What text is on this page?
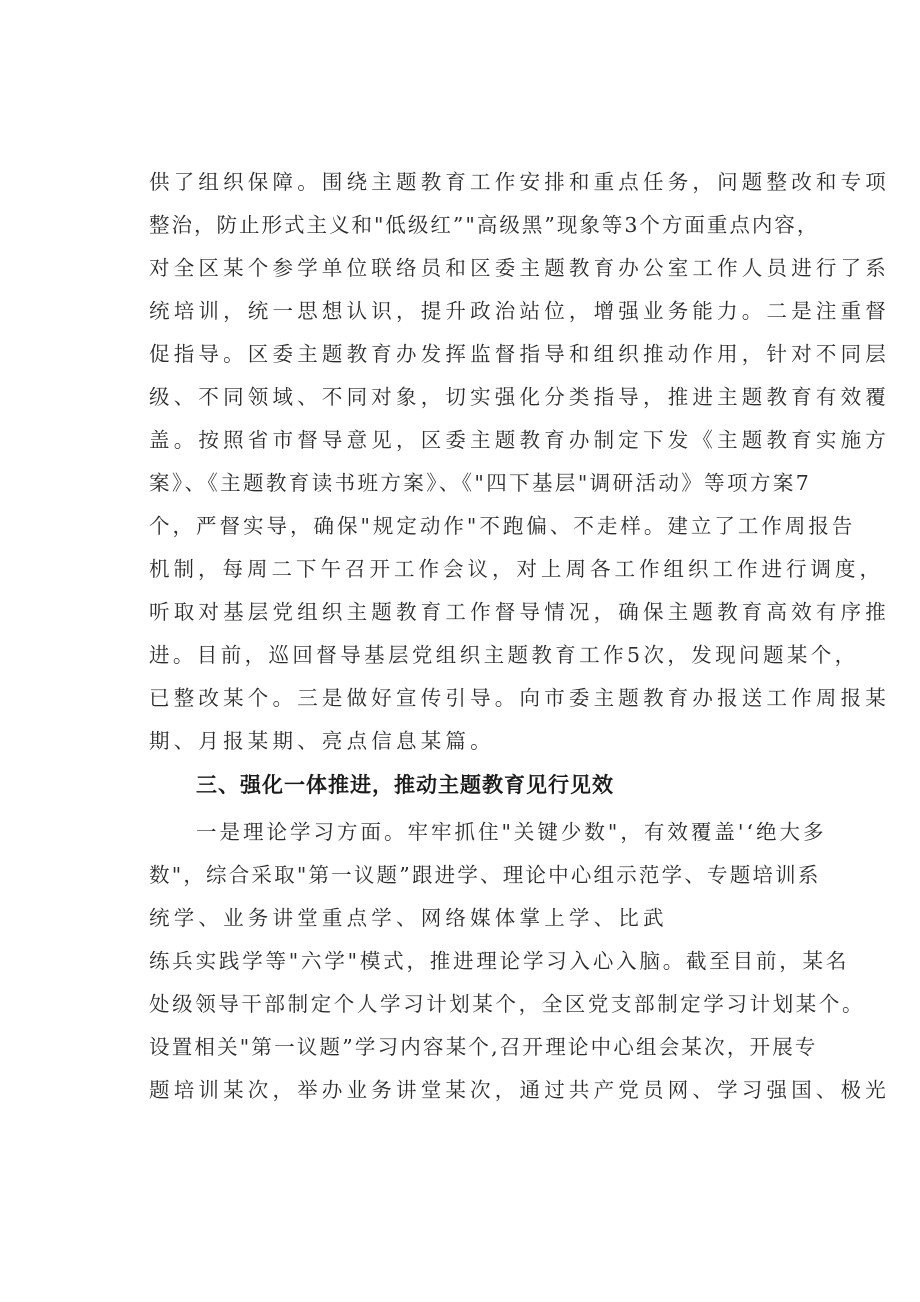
供了组织保障。围绕主题教育工作安排和重点任务，问题整改和专项

整治，防止形式主义和"低级红”"高级黑”现象等3个方面重点内容，

对全区某个参学单位联络员和区委主题教育办公室工作人员进行了系

统培训，统一思想认识，提升政治站位，增强业务能力。二是注重督

促指导。区委主题教育办发挥监督指导和组织推动作用，针对不同层

级、不同领域、不同对象，切实强化分类指导，推进主题教育有效覆

盖。按照省市督导意见，区委主题教育办制定下发《主题教育实施方

案》、《主题教育读书班方案》、《"四下基层"调研活动》等项方案7

个，严督实导，确保"规定动作"不跑偏、不走样。建立了工作周报告

机制，每周二下午召开工作会议，对上周各工作组织工作进行调度，

听取对基层党组织主题教育工作督导情况，确保主题教育高效有序推

进。目前，巡回督导基层党组织主题教育工作5次，发现问题某个，

已整改某个。三是做好宣传引导。向市委主题教育办报送工作周报某

期、月报某期、亮点信息某篇。

三、强化一体推进，推动主题教育见行见效

一是理论学习方面。牢牢抓住"关键少数"，有效覆盖'‘绝大多

数"，综合采取"第一议题”跟进学、理论中心组示范学、专题培训系

统学、业务讲堂重点学、网络媒体掌上学、比武

练兵实践学等"六学"模式，推进理论学习入心入脑。截至目前，某名

处级领导干部制定个人学习计划某个，全区党支部制定学习计划某个。

设置相关"第一议题”学习内容某个,召开理论中心组会某次，开展专

题培训某次，举办业务讲堂某次，通过共产党员网、学习强国、极光
